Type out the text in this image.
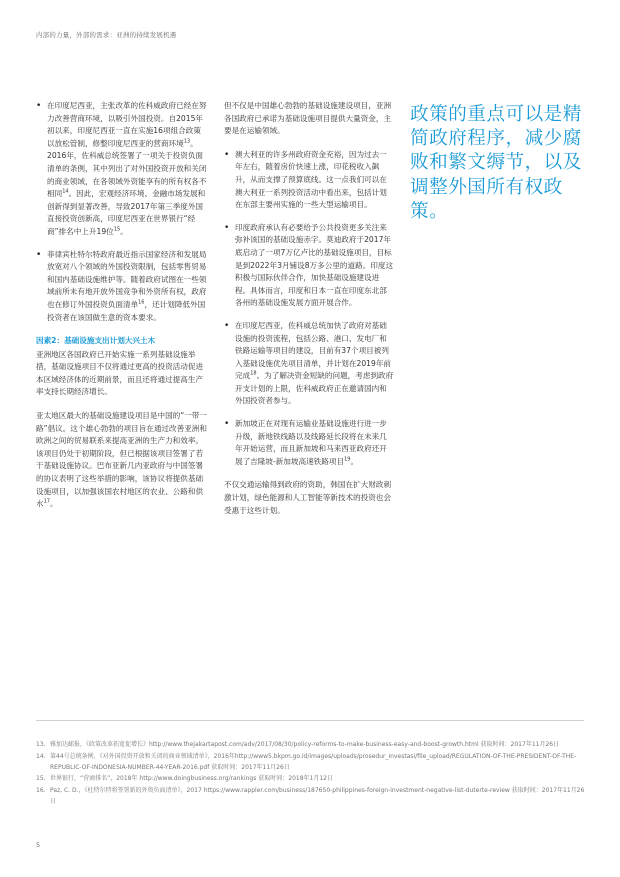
内部的力量，外部的需求：亚洲的持续发展机遇
• 在印度尼西亚，主张改革的佐科威政府已经在努力改善营商环境，以吸引外国投资。自2015年初以来，印度尼西亚一直在实施16项组合政策以放松管制，修整印度尼西亚的营商环境$^{13}$。2016年，佐科威总统签署了一项关于投资负面清单的条例，其中列出了对外国投资开放和关闭的商业领域，在各领域外资能享有的所有权各不相同$^{14}$。因此，宏观经济环境、金融市场发展和创新得到显著改善，导致2017年第三季度外国直接投资创新高，印度尼西亚在世界银行“经商”排名中上升19位$^{15}$。
• 菲律宾杜特尔特政府最近指示国家经济和发展局放宽对八个领域的外国投资限制，包括零售贸易和国内基础设施维护等。随着政府试图在一些领域前所未有地开放外国竞争和外资所有权，政府也在修订外国投资负面清单$^{16}$，还计划降低外国投资者在该国做生意的资本要求。
因素2：基础设施支出计划大兴土木

亚洲地区各国政府已开始实施一系列基础设施举措，基础设施项目不仅将通过更高的投资活动促进本区域经济体的近期前景，而且还将通过提高生产率支持长期经济增长。

亚太地区最大的基础设施建设项目是中国的“一带一路”倡议。这个雄心勃勃的项目旨在通过改善亚洲和欧洲之间的贸易联系来提高亚洲的生产力和效率。该项目仍处于初期阶段，但已根据该项目签署了若干基础设施协议。巴布亚新几内亚政府与中国签署的协议表明了这些举措的影响，该协议将提供基础设施项目，以加强该国农村地区的农业、公路和供水$^{17}$。

但不仅是中国雄心勃勃的基础设施建设项目，亚洲各国政府已承诺为基础设施项目提供大量资金，主要是在运输领域。

• 澳大利亚的许多州政府资金充裕，因为过去一年左右，随着房价快速上涨，印花税收入飙升，从而支撑了预算底线。这一点我们可以在澳大利亚一系列投资活动中看出来，包括计划在东部主要州实施的一些大型运输项目。
• 印度政府承认有必要给予公共投资更多关注来弥补该国的基础设施赤字。莫迪政府于2017年底启动了一项7万亿卢比的基础设施项目，目标是到2022年3月铺设8万多公里的道路。印度这积极与国际伙伴合作，加快基础设施建设进程。具体而言，印度和日本一直在印度东北部各州的基础设施发展方面开展合作。
• 在印度尼西亚，佐科威总统加快了政府对基础设施的投资流程，包括公路、港口、发电厂和铁路运输等项目的建设，目前有37个项目被列入基础设施优先项目清单，并计划在2019年前完成$^{18}$。为了解决资金短缺的问题，考虑到政府开支计划的上限，佐科威政府正在邀请国内和外国投资者参与。
• 新加坡正在对现有运输业基础设施进行进一步升级，新地铁线路以及线路延长段将在未来几年开始运营，而且新加坡和马来西亚政府还开展了吉隆坡-新加坡高速铁路项目$^{19}$。

不仅交通运输得到政府的资助，韩国在扩大财政刺激计划，绿色能源和人工智能等新技术的投资也会受惠于这些计划。

政策的重点可以是精简政府程序，减少腐败和繁文缛节，以及调整外国所有权政策。
13. 雅加达邮报，《政策改革拓宽促增长》http://www.thejakartapost.com/adv/2017/08/30/policy-reforms-to-make-business-easy-and-boost-growth.html 获取时间：2017年11月26日
14. 第44号总统条例，《对外国投资开放和关闭的商业领域清单》，2016年http://www5.bkpm.go.id/images/uploads/prosedur_investasi/file_upload/REGULATION-OF-THE-PRESIDENT-OF-THE-REPUBLIC-OF-INDONESIA-NUMBER-44-YEAR-2016.pdf 获取时间：2017年11月26日
15. 世界银行，“营商排名”，2018年 http://www.doingbusiness.org/rankings 获取时间：2018年1月12日
16. Paz, C. D.，《杜特尔特将签署新的外资负面清单》，2017 https://www.rappler.com/business/187650-philippines-foreign-investment-negative-list-duterte-review 获取时间：2017年11月26日
5
